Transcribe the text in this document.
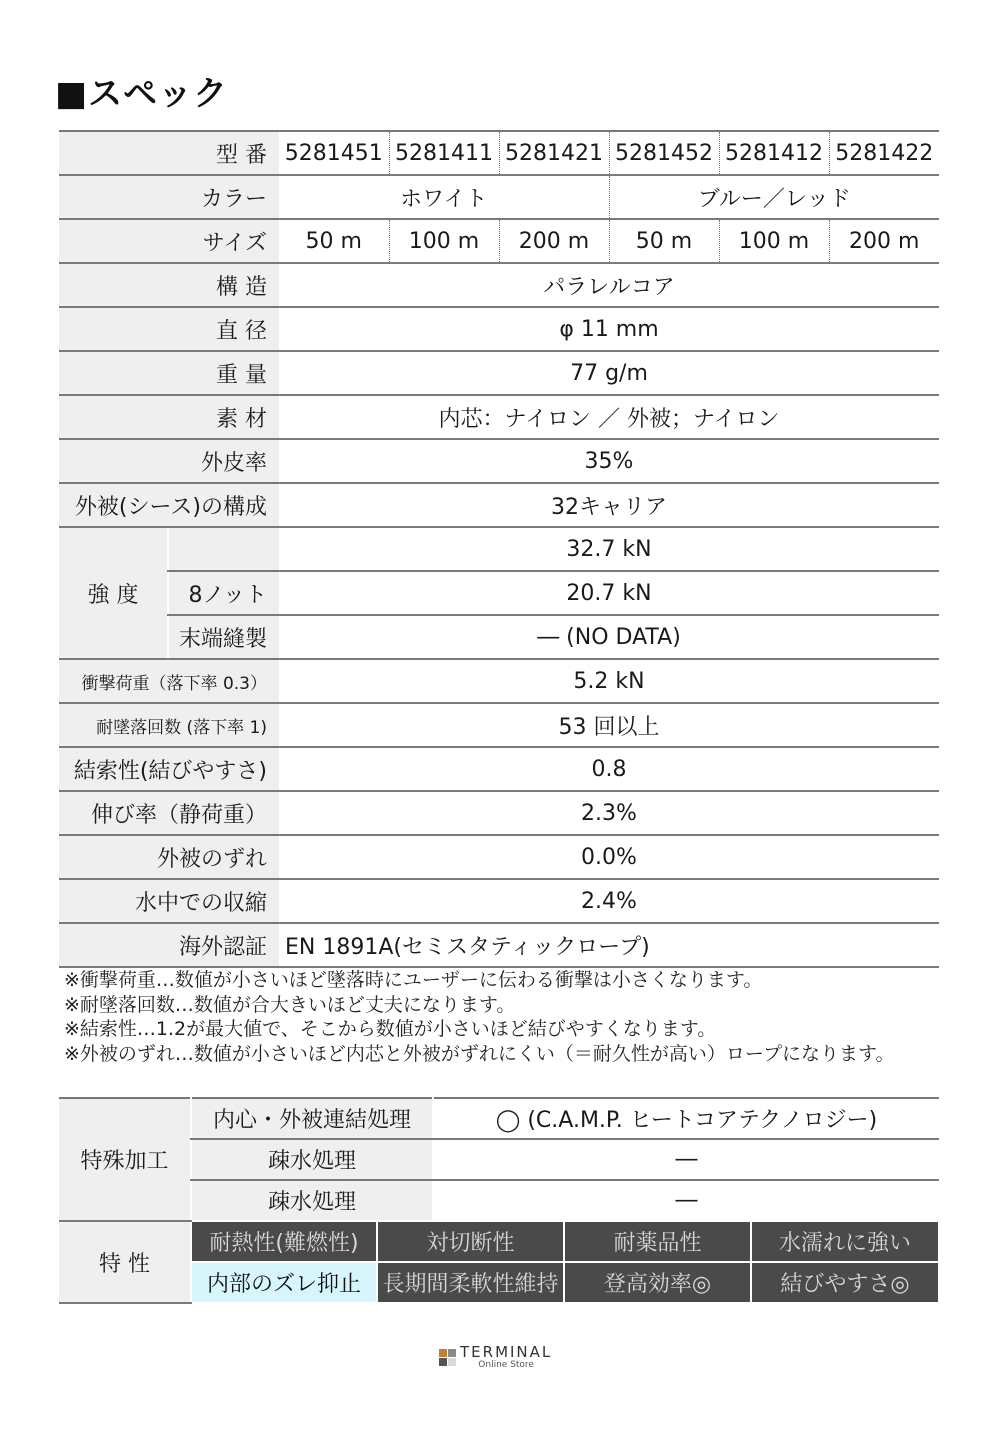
■スペック
型 番		5281451	5281411	5281421	5281452	5281412	5281422
カラー		ホワイト			ブルー／レッド		
サイズ		50 m	100 m	200 m	50 m	100 m	200 m
構 造		パラレルコア					
直 径		φ 11 mm					
重 量		77 g/m					
素 材		内芯：ナイロン ／ 外被；ナイロン					
外皮率		35%					
外被(シース)の構成		32キャリア					
強 度		32.7 kN					
	8ノット	20.7 kN					
	末端縫製	― (NO DATA)					
衝撃荷重（落下率 0.3）		5.2 kN					
耐墜落回数 (落下率 1)		53 回以上					
結索性(結びやすさ)		0.8					
伸び率（静荷重）		2.3%					
外被のずれ		0.0%					
水中での収縮		2.4%					
海外認証		EN 1891A(セミスタティックロープ)					
※衝撃荷重…数値が小さいほど墜落時にユーザーに伝わる衝撃は小さくなります。
※耐墜落回数…数値が合大きいほど丈夫になります。
※結索性…1.2が最大値で、そこから数値が小さいほど結びやすくなります。
※外被のずれ…数値が小さいほど内芯と外被がずれにくい（＝耐久性が高い）ロープになります。
特殊加工	内心・外被連結処理	◯ (C.A.M.P. ヒートコアテクノロジー)
	疎水処理	―
	疎水処理	―
特 性	耐熱性(難燃性)	対切断性	耐薬品性	水濡れに強い
	内部のズレ抑止	長期間柔軟性維持	登高効率◎	結びやすさ◎
TERMINAL
Online Store
